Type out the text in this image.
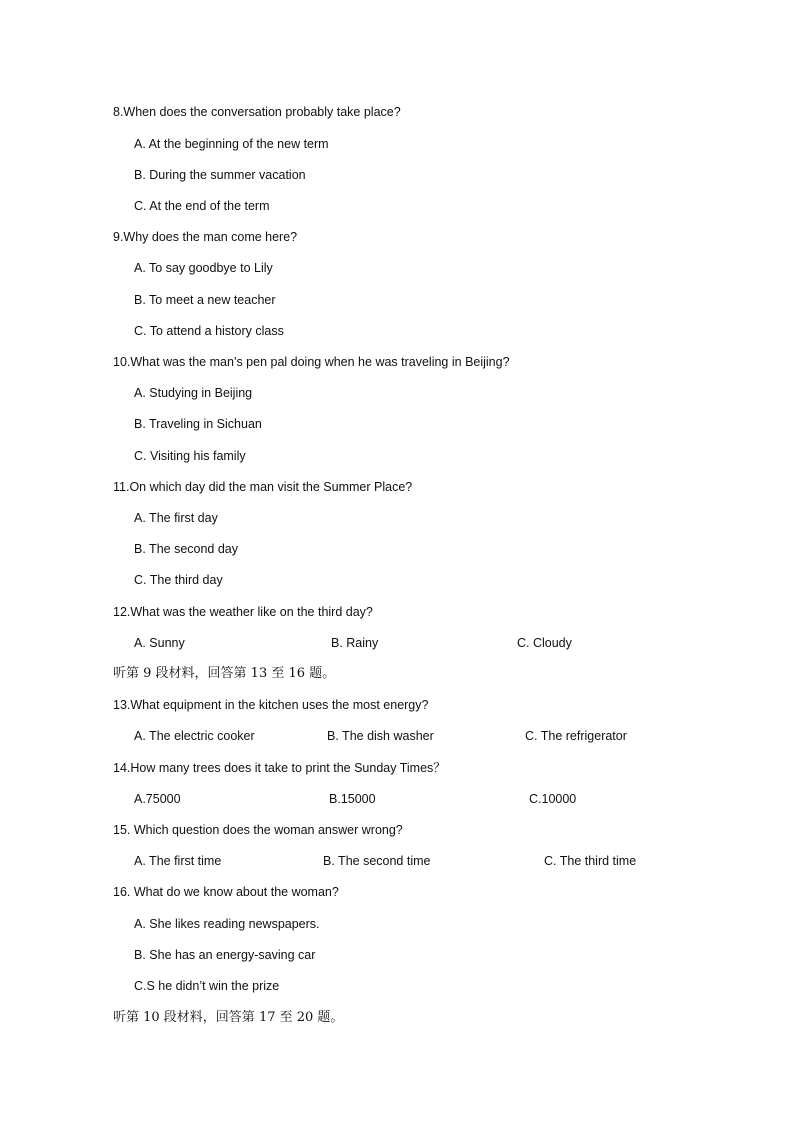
8.When does the conversation probably take place?
A. At the beginning of the new term
B. During the summer vacation
C. At the end of the term
9.Why does the man come here?
A. To say goodbye to Lily
B. To meet a new teacher
C. To attend a history class
10.What was the man’s pen pal doing when he was traveling in Beijing?
A. Studying in Beijing
B. Traveling in Sichuan
C. Visiting his family
11.On which day did the man visit the Summer Place?
A. The first day
B. The second day
C. The third day
12.What was the weather like on the third day?
A. Sunny	B. Rainy	C. Cloudy
听第 9 段材料，回答第 13 至 16 题。
13.What equipment in the kitchen uses the most energy?
A. The electric cooker	B. The dish washer	C. The refrigerator
14.How many trees does it take to print the Sunday Times？
A.75000	B.15000	C.10000
15. Which question does the woman answer wrong?
A. The first time	B. The second time	C. The third time
16. What do we know about the woman?
A. She likes reading newspapers.
B. She has an energy-saving car
C.S he didn’t win the prize
听第 10 段材料，回答第 17 至 20 题。
